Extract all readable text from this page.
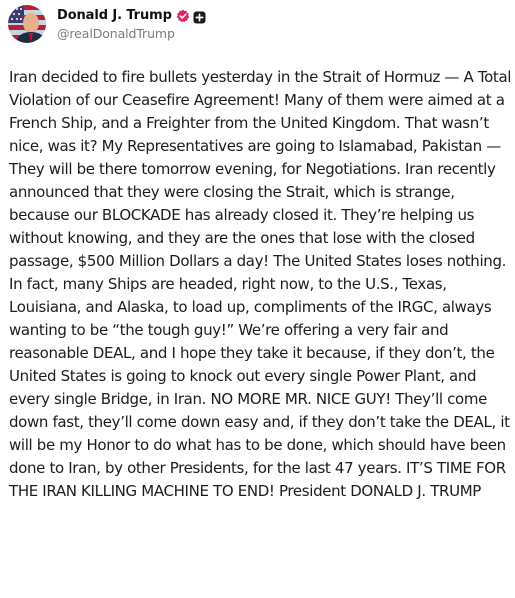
Donald J. Trump
@realDonaldTrump
Iran decided to fire bullets yesterday in the Strait of Hormuz — A Total Violation of our Ceasefire Agreement! Many of them were aimed at a French Ship, and a Freighter from the United Kingdom. That wasn’t nice, was it? My Representatives are going to Islamabad, Pakistan — They will be there tomorrow evening, for Negotiations. Iran recently announced that they were closing the Strait, which is strange, because our BLOCKADE has already closed it. They’re helping us without knowing, and they are the ones that lose with the closed passage, $500 Million Dollars a day! The United States loses nothing. In fact, many Ships are headed, right now, to the U.S., Texas, Louisiana, and Alaska, to load up, compliments of the IRGC, always wanting to be “the tough guy!” We’re offering a very fair and reasonable DEAL, and I hope they take it because, if they don’t, the United States is going to knock out every single Power Plant, and every single Bridge, in Iran. NO MORE MR. NICE GUY! They’ll come down fast, they’ll come down easy and, if they don’t take the DEAL, it will be my Honor to do what has to be done, which should have been done to Iran, by other Presidents, for the last 47 years. IT’S TIME FOR THE IRAN KILLING MACHINE TO END! President DONALD J. TRUMP
